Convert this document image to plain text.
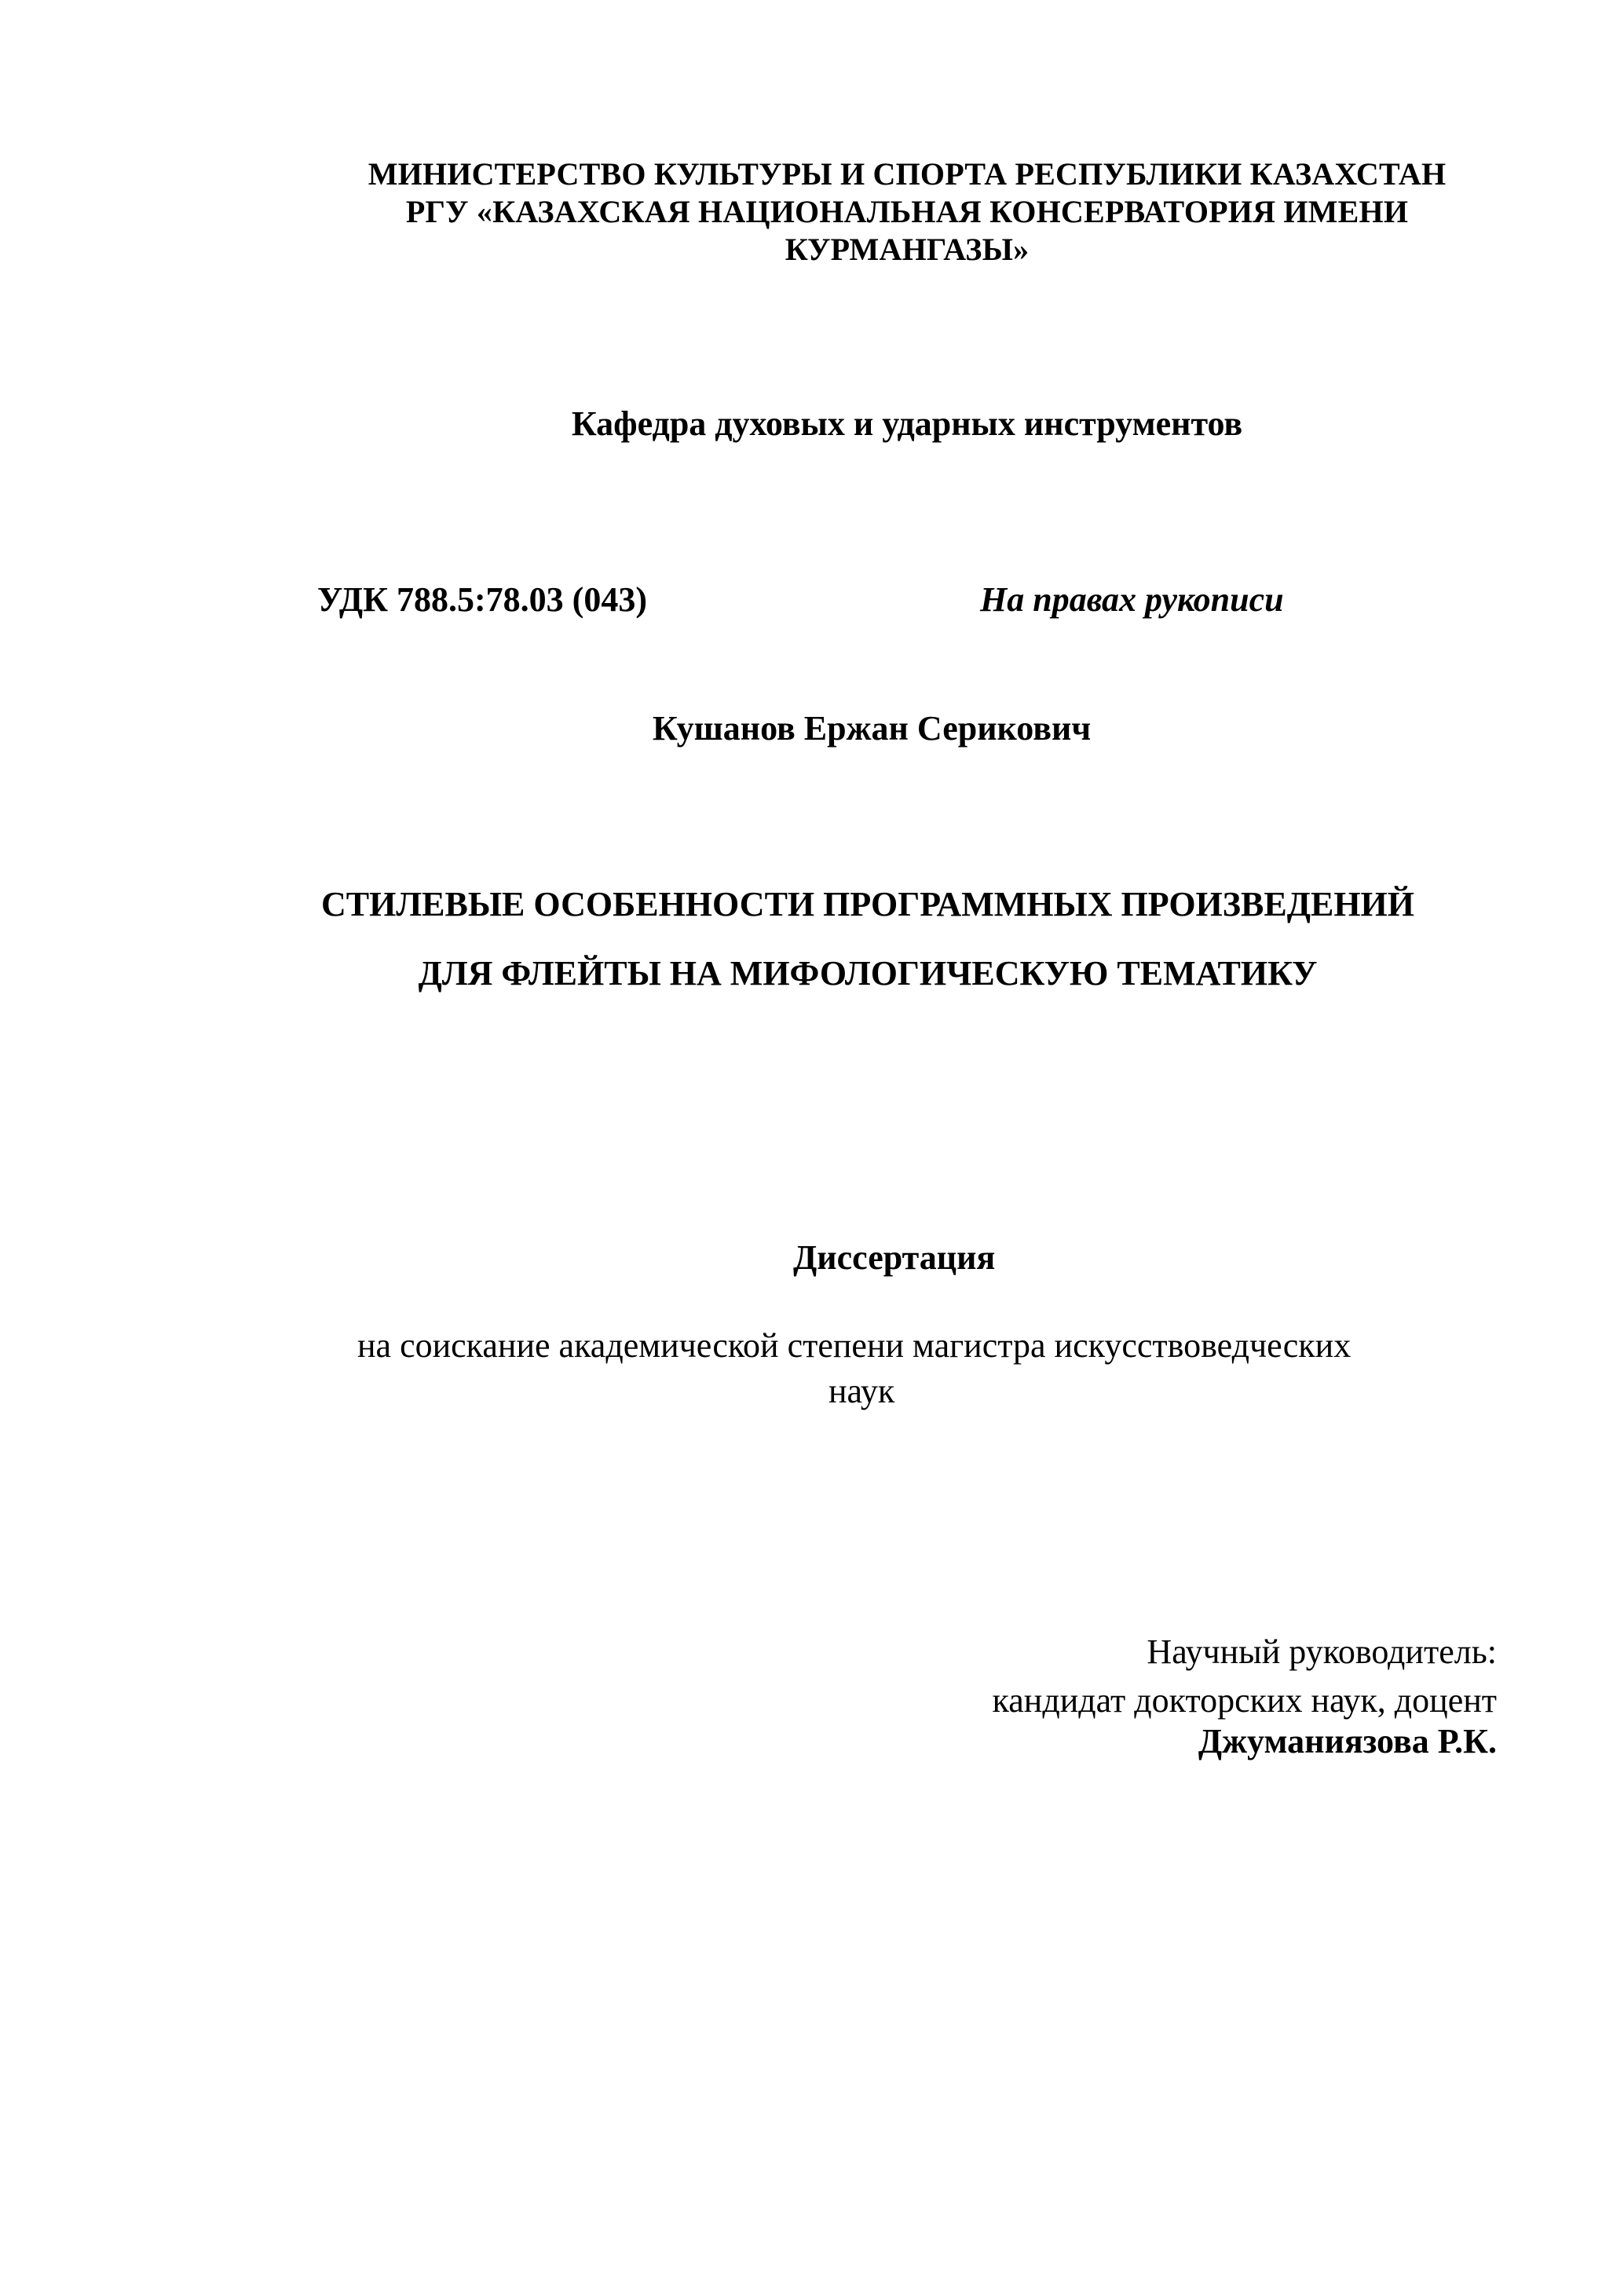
МИНИСТЕРСТВО КУЛЬТУРЫ И СПОРТА РЕСПУБЛИКИ КАЗАХСТАН
РГУ «КАЗАХСКАЯ НАЦИОНАЛЬНАЯ КОНСЕРВАТОРИЯ ИМЕНИ
КУРМАНГАЗЫ»
Кафедра духовых и ударных инструментов
УДК 788.5:78.03 (043)	На правах рукописи
Кушанов Ержан Серикович
СТИЛЕВЫЕ ОСОБЕННОСТИ ПРОГРАММНЫХ ПРОИЗВЕДЕНИЙ
ДЛЯ ФЛЕЙТЫ НА МИФОЛОГИЧЕСКУЮ ТЕМАТИКУ
Диссертация
на соискание академической степени магистра искусствоведческих
наук
Научный руководитель:
кандидат докторских наук, доцент
Джуманиязова Р.К.
